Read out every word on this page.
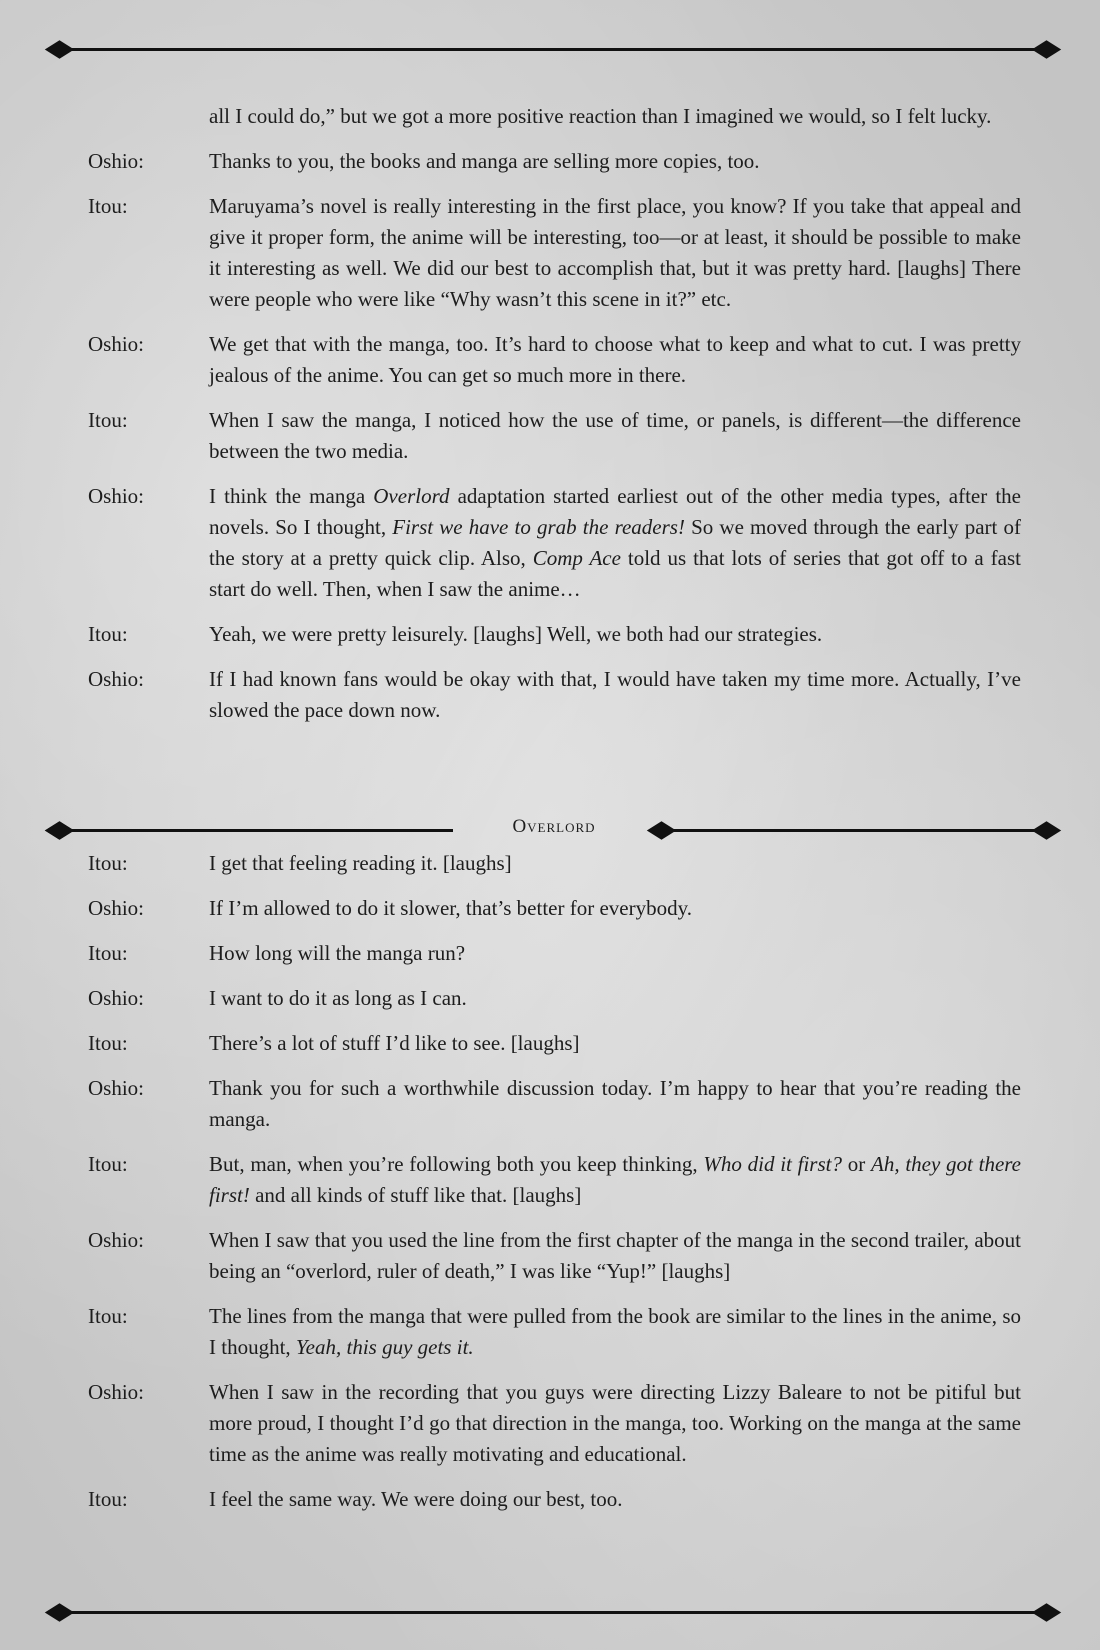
all I could do,” but we got a more positive reaction than I imagined we would, so I felt lucky.
Oshio:	Thanks to you, the books and manga are selling more copies, too.
Itou:	Maruyama’s novel is really interesting in the first place, you know? If you take that appeal and give it proper form, the anime will be interesting, too—or at least, it should be possible to make it interesting as well. We did our best to accomplish that, but it was pretty hard. [laughs] There were people who were like “Why wasn’t this scene in it?” etc.
Oshio:	We get that with the manga, too. It’s hard to choose what to keep and what to cut. I was pretty jealous of the anime. You can get so much more in there.
Itou:	When I saw the manga, I noticed how the use of time, or panels, is different—the difference between the two media.
Oshio:	I think the manga Overlord adaptation started earliest out of the other media types, after the novels. So I thought, First we have to grab the readers! So we moved through the early part of the story at a pretty quick clip. Also, Comp Ace told us that lots of series that got off to a fast start do well. Then, when I saw the anime…
Itou:	Yeah, we were pretty leisurely. [laughs] Well, we both had our strategies.
Oshio:	If I had known fans would be okay with that, I would have taken my time more. Actually, I’ve slowed the pace down now.
Overlord
Itou:	I get that feeling reading it. [laughs]
Oshio:	If I’m allowed to do it slower, that’s better for everybody.
Itou:	How long will the manga run?
Oshio:	I want to do it as long as I can.
Itou:	There’s a lot of stuff I’d like to see. [laughs]
Oshio:	Thank you for such a worthwhile discussion today. I’m happy to hear that you’re reading the manga.
Itou:	But, man, when you’re following both you keep thinking, Who did it first? or Ah, they got there first! and all kinds of stuff like that. [laughs]
Oshio:	When I saw that you used the line from the first chapter of the manga in the second trailer, about being an “overlord, ruler of death,” I was like “Yup!” [laughs]
Itou:	The lines from the manga that were pulled from the book are similar to the lines in the anime, so I thought, Yeah, this guy gets it.
Oshio:	When I saw in the recording that you guys were directing Lizzy Baleare to not be pitiful but more proud, I thought I’d go that direction in the manga, too. Working on the manga at the same time as the anime was really motivating and educational.
Itou:	I feel the same way. We were doing our best, too.
